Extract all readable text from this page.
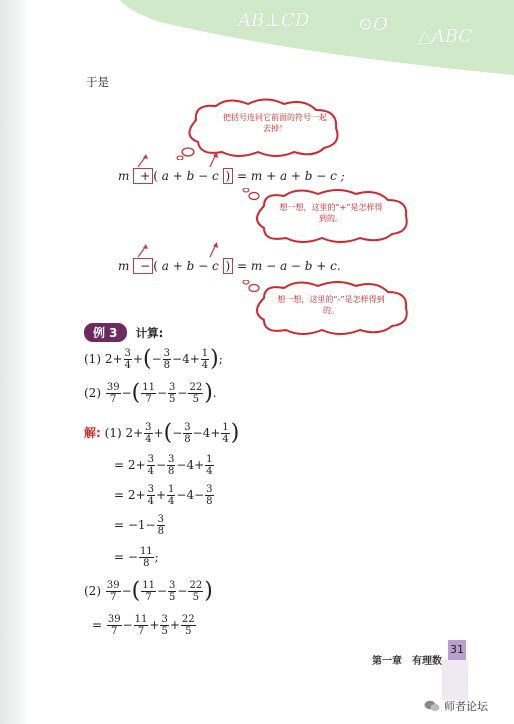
AB⊥CD	⊙O
△ABC
于是
把括号连同它前面的符号一起去掉！
m + ( a + b − c ) = m + a + b − c ;
想一想，这里的“+”是怎样得到的。
m − ( a + b − c ) = m − a − b + c.
想一想，这里的“-”是怎样得到的。
例 3 计算:
(1) $2+ \frac{3}{4}$ +(− $\frac{3}{8} -4+ \frac{1}{4}$ );
$(2) \frac{39}{7}$ −( $\frac{11}{7} - \frac{3}{5} - \frac{22}{5}$ ).
解: (1) $2+ \frac{3}{4}$ +(− $\frac{3}{8} -4+ \frac{1}{4}$ )
= $2+ \frac{3}{4} - \frac{3}{8} -4+ \frac{1}{4}$
= $2+ \frac{3}{4} + \frac{1}{4} -4- \frac{3}{8}$
= $-1- \frac{3}{8}$
= − $\frac{11}{8}$ ;
$(2) \frac{39}{7}$ −( $\frac{11}{7} - \frac{3}{5} - \frac{22}{5}$ )
= $\frac{39}{7} - \frac{11}{7} + \frac{3}{5} + \frac{22}{5}$
第一章　有理数
31
师者论坛
